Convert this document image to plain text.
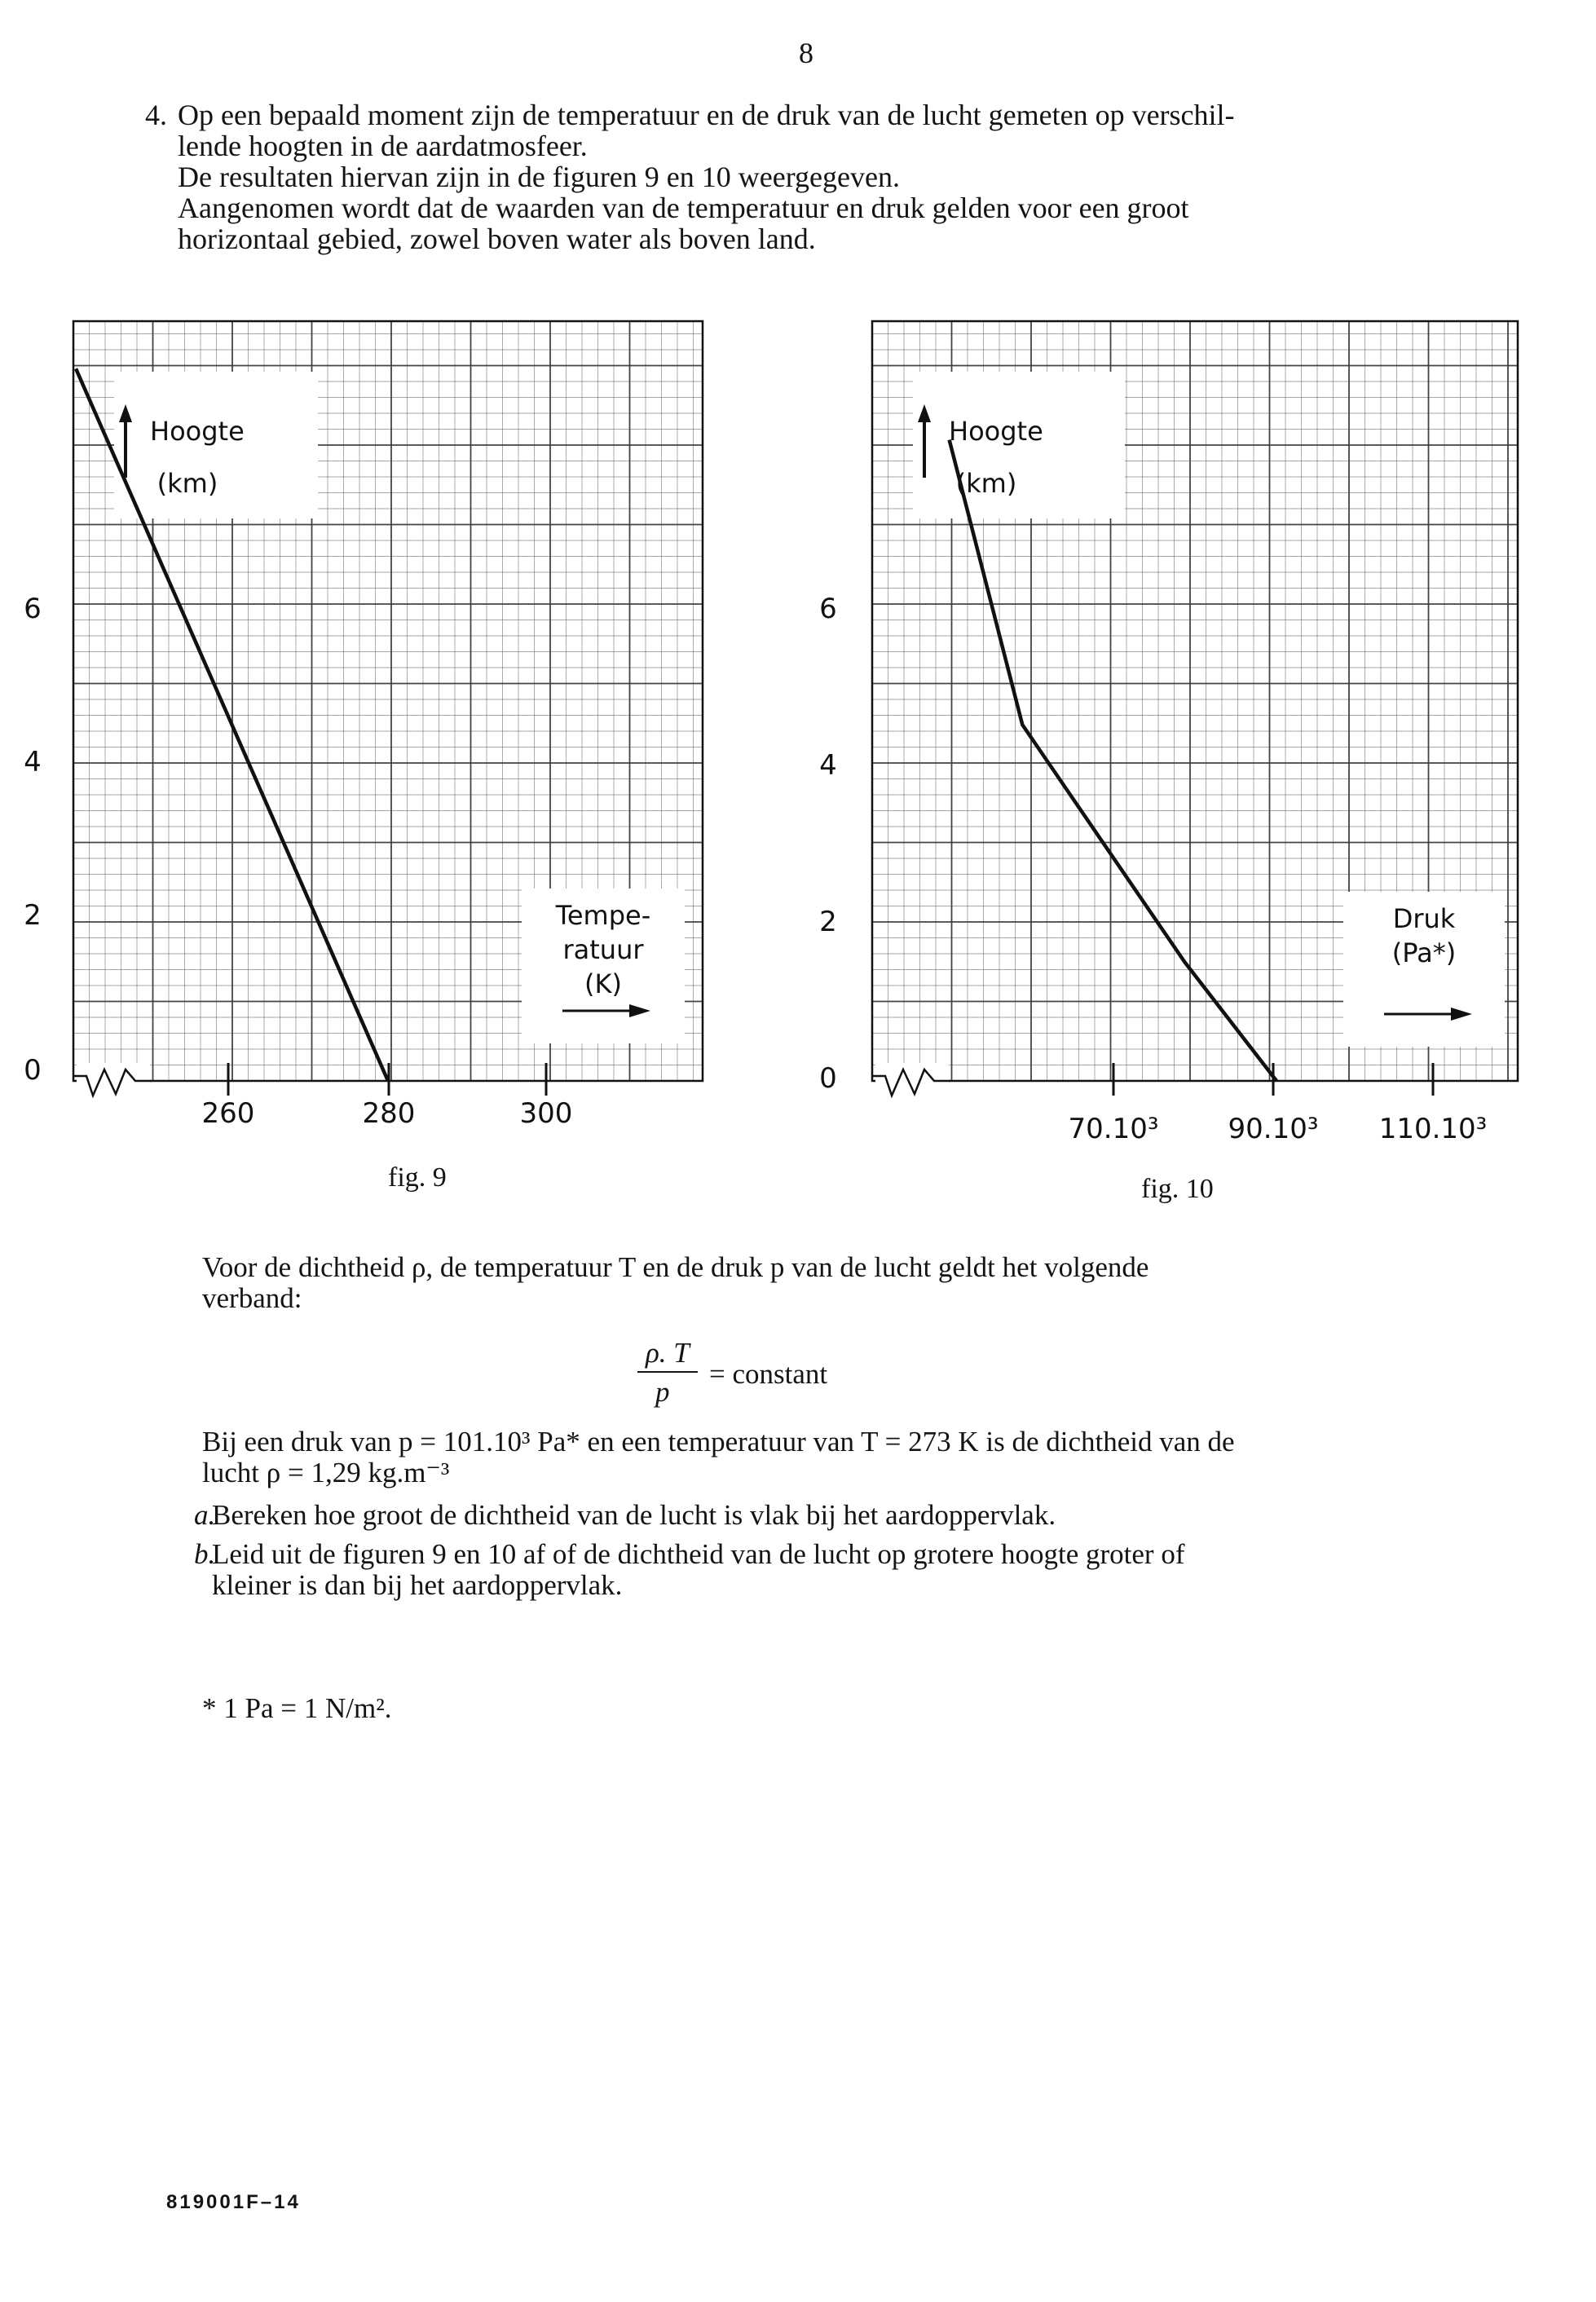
8
4. Op een bepaald moment zijn de temperatuur en de druk van de lucht gemeten op verschil-

lende hoogten in de aardatmosfeer.

De resultaten hiervan zijn in de figuren 9 en 10 weergegeven.

Aangenomen wordt dat de waarden van de temperatuur en druk gelden voor een groot

horizontaal gebied, zowel boven water als boven land.

Hoogte
(km)
Tempe-
ratuur
(K)
0
2
4
6
260	280	300
Hoogte
(km)
Druk
(Pa*)
0
2
4
6
70.10³	90.10³ 110.10³
fig. 9	fig. 10

Voor de dichtheid ρ, de temperatuur T en de druk p van de lucht geldt het volgende

verband:

ρ. T
p
= constant

Bij een druk van p = 101.10³ Pa* en een temperatuur van T = 273 K is de dichtheid van de

lucht ρ = 1,29 kg.m⁻³

a.
Bereken hoe groot de dichtheid van de lucht is vlak bij het aardoppervlak.
b.
Leid uit de figuren 9 en 10 af of de dichtheid van de lucht op grotere hoogte groter of
kleiner is dan bij het aardoppervlak.
* 1 Pa = 1 N/m².
819001F–14
